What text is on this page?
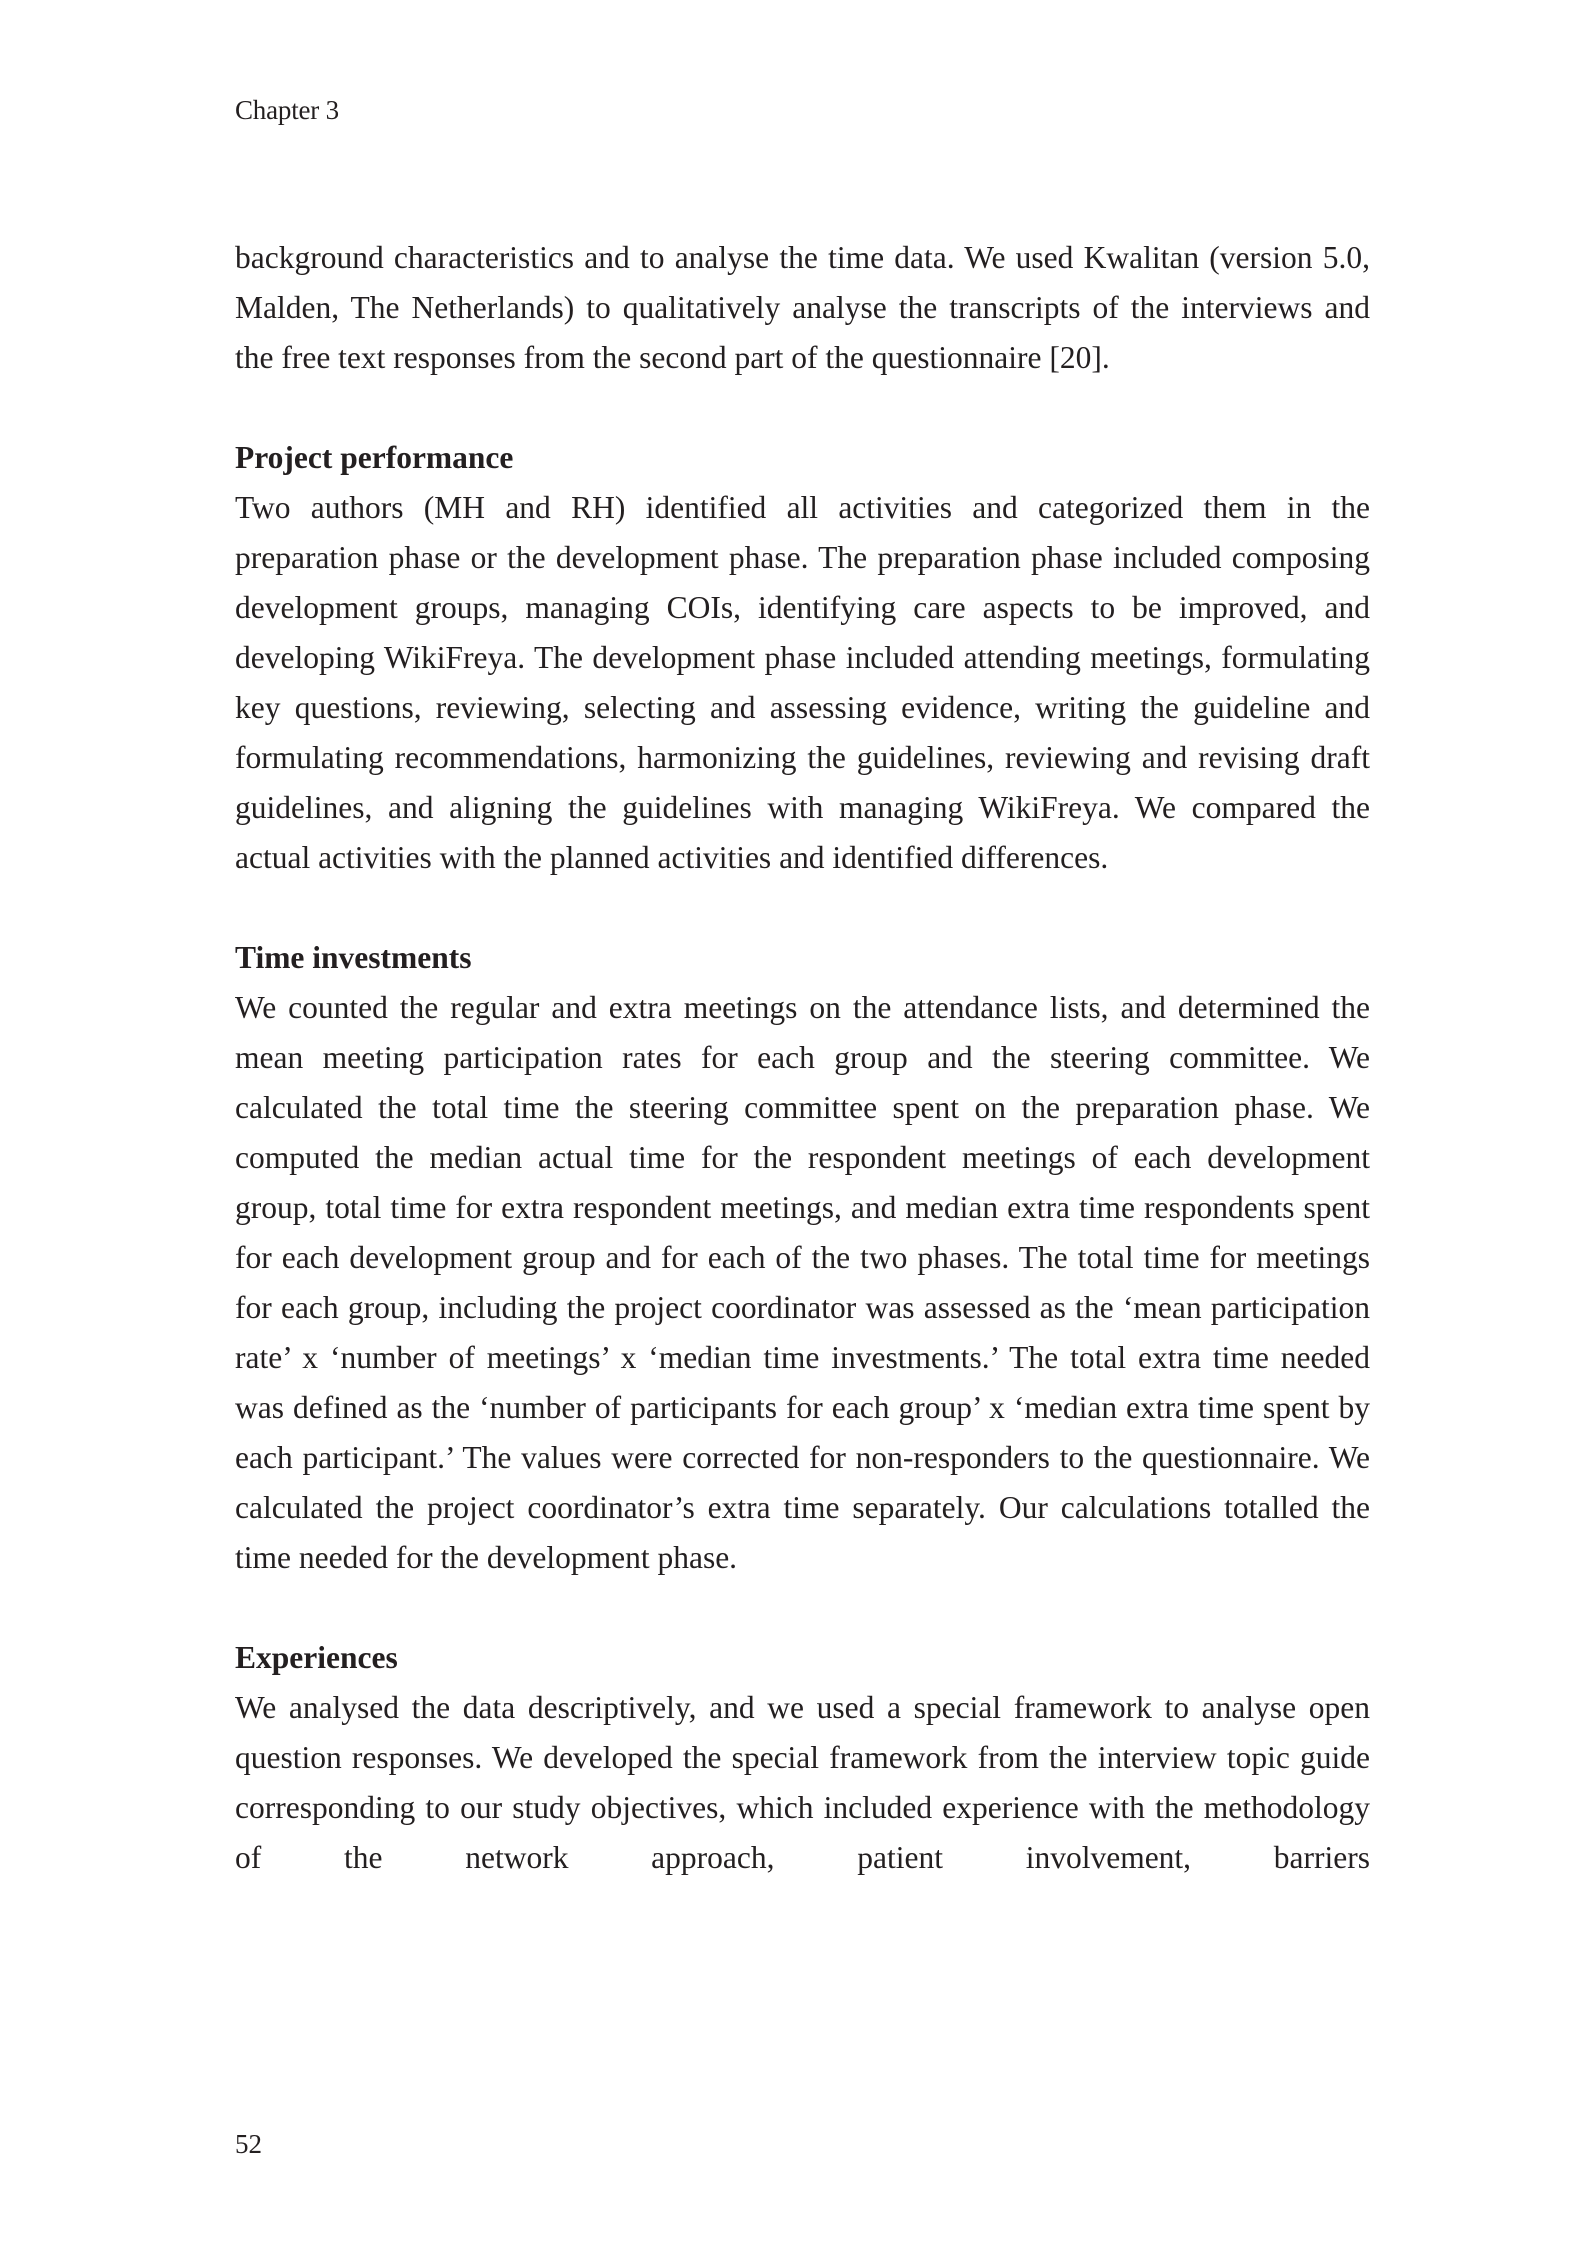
Chapter 3

background characteristics and to analyse the time data. We used Kwalitan (version 5.0, Malden, The Netherlands) to qualitatively analyse the transcripts of the interviews and the free text responses from the second part of the questionnaire [20].

Project performance

Two authors (MH and RH) identified all activities and categorized them in the preparation phase or the development phase. The preparation phase included composing development groups, managing COIs, identifying care aspects to be improved, and developing WikiFreya. The development phase included attending meetings, formulating key questions, reviewing, selecting and assessing evidence, writing the guideline and formulating recommendations, harmonizing the guidelines, reviewing and revising draft guidelines, and aligning the guidelines with managing WikiFreya. We compared the actual activities with the planned activities and identified differences.

Time investments

We counted the regular and extra meetings on the attendance lists, and determined the mean meeting participation rates for each group and the steering committee. We calculated the total time the steering committee spent on the preparation phase. We computed the median actual time for the respondent meetings of each development group, total time for extra respondent meetings, and median extra time respondents spent for each development group and for each of the two phases. The total time for meetings for each group, including the project coordinator was assessed as the ‘mean participation rate’ x ‘number of meetings’ x ‘median time investments.’ The total extra time needed was defined as the ‘number of participants for each group’ x ‘median extra time spent by each participant.’ The values were corrected for non-responders to the questionnaire. We calculated the project coordinator’s extra time separately. Our calculations totalled the time needed for the development phase.

Experiences

We analysed the data descriptively, and we used a special framework to analyse open question responses. We developed the special framework from the interview topic guide corresponding to our study objectives, which included experience with the methodology of the network approach, patient involvement, barriers

52
